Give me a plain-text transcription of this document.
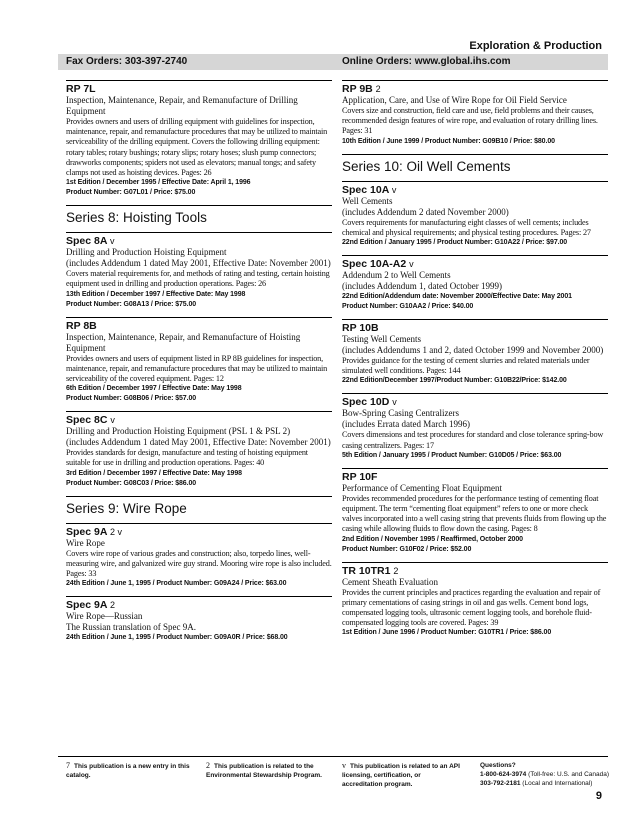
Exploration & Production
Fax Orders: 303-397-2740	Online Orders: www.global.ihs.com
RP 7L
Inspection, Maintenance, Repair, and Remanufacture of Drilling Equipment
Provides owners and users of drilling equipment with guidelines for inspection, maintenance, repair, and remanufacture procedures that may be utilized to maintain serviceability of the drilling equipment. Covers the following drilling equipment: rotary tables; rotary bushings; rotary slips; rotary hoses; slush pump connectors; drawworks components; spiders not used as elevators; manual tongs; and safety clamps not used as hoisting devices. Pages: 26
1st Edition / December 1995 / Effective Date: April 1, 1996
Product Number: G07L01 / Price: $75.00
Series 8: Hoisting Tools
Spec 8A v
Drilling and Production Hoisting Equipment
(includes Addendum 1 dated May 2001, Effective Date: November 2001)
Covers material requirements for, and methods of rating and testing, certain hoisting equipment used in drilling and production operations. Pages: 26
13th Edition / December 1997 / Effective Date: May 1998
Product Number: G08A13 / Price: $75.00
RP 8B
Inspection, Maintenance, Repair, and Remanufacture of Hoisting Equipment
Provides owners and users of equipment listed in RP 8B guidelines for inspection, maintenance, repair, and remanufacture procedures that may be utilized to maintain serviceability of the covered equipment. Pages: 12
6th Edition / December 1997 / Effective Date: May 1998
Product Number: G08B06 / Price: $57.00
Spec 8C v
Drilling and Production Hoisting Equipment (PSL 1 & PSL 2)
(includes Addendum 1 dated May 2001, Effective Date: November 2001)
Provides standards for design, manufacture and testing of hoisting equipment suitable for use in drilling and production operations. Pages: 40
3rd Edition / December 1997 / Effective Date: May 1998
Product Number: G08C03 / Price: $86.00
Series 9: Wire Rope
Spec 9A 2 v
Wire Rope
Covers wire rope of various grades and construction; also, torpedo lines, well-measuring wire, and galvanized wire guy strand. Mooring wire rope is also included. Pages: 33
24th Edition / June 1, 1995 / Product Number: G09A24 / Price: $63.00
Spec 9A 2
Wire Rope—Russian
The Russian translation of Spec 9A.
24th Edition / June 1, 1995 / Product Number: G09A0R / Price: $68.00
RP 9B 2
Application, Care, and Use of Wire Rope for Oil Field Service
Covers size and construction, field care and use, field problems and their causes, recommended design features of wire rope, and evaluation of rotary drilling lines. Pages: 31
10th Edition / June 1999 / Product Number: G09B10 / Price: $80.00
Series 10: Oil Well Cements
Spec 10A v
Well Cements
(includes Addendum 2 dated November 2000)
Covers requirements for manufacturing eight classes of well cements; includes chemical and physical requirements; and physical testing procedures. Pages: 27
22nd Edition / January 1995 / Product Number: G10A22 / Price: $97.00
Spec 10A-A2 v
Addendum 2 to Well Cements
(includes Addendum 1, dated October 1999)
22nd Edition/Addendum date: November 2000/Effective Date: May 2001
Product Number: G10AA2 / Price: $40.00
RP 10B
Testing Well Cements
(includes Addendums 1 and 2, dated October 1999 and November 2000)
Provides guidance for the testing of cement slurries and related materials under simulated well conditions. Pages: 144
22nd Edition/December 1997/Product Number: G10B22/Price: $142.00
Spec 10D v
Bow-Spring Casing Centralizers
(includes Errata dated March 1996)
Covers dimensions and test procedures for standard and close tolerance spring-bow casing centralizers. Pages: 17
5th Edition / January 1995 / Product Number: G10D05 / Price: $63.00
RP 10F
Performance of Cementing Float Equipment
Provides recommended procedures for the performance testing of cementing float equipment. The term “cementing float equipment” refers to one or more check valves incorporated into a well casing string that prevents fluids from flowing up the casing while allowing fluids to flow down the casing. Pages: 8
2nd Edition / November 1995 / Reaffirmed, October 2000
Product Number: G10F02 / Price: $52.00
TR 10TR1 2
Cement Sheath Evaluation
Provides the current principles and practices regarding the evaluation and repair of primary cementations of casing strings in oil and gas wells. Cement bond logs, compensated logging tools, ultrasonic cement logging tools, and borehole fluid-compensated logging tools are covered. Pages: 39
1st Edition / June 1996 / Product Number: G10TR1 / Price: $86.00
7 This publication is a new entry in this catalog.
2 This publication is related to the Environmental Stewardship Program.
v This publication is related to an API licensing, certification, or accreditation program.
Questions?
1-800-624-3974 (Toll-free: U.S. and Canada)
303-792-2181 (Local and International)
9
